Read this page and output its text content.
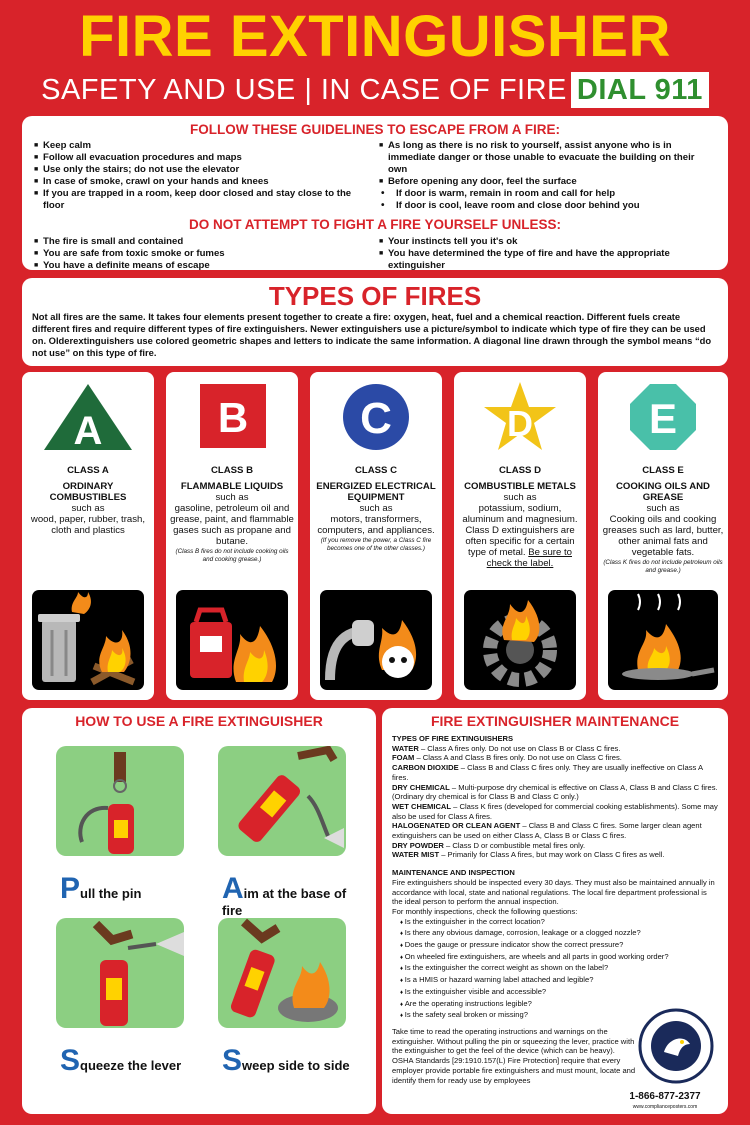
FIRE EXTINGUISHER
SAFETY AND USE | IN CASE OF FIRE DIAL 911
FOLLOW THESE GUIDELINES TO ESCAPE FROM A FIRE:
■ Keep calm
■ Follow all evacuation procedures and maps
■ Use only the stairs; do not use the elevator
■ In case of smoke, crawl on your hands and knees
■ If you are trapped in a room, keep door closed and stay close to the floor
■ As long as there is no risk to yourself, assist anyone who is in immediate danger or those unable to evacuate the building on their own
■ Before opening any door, feel the surface
• If door is warm, remain in room and call for help
• If door is cool, leave room and close door behind you
DO NOT ATTEMPT TO FIGHT A FIRE YOURSELF UNLESS:
■ The fire is small and contained
■ You are safe from toxic smoke or fumes
■ You have a definite means of escape
■ Your instincts tell you it's ok
■ You have determined the type of fire and have the appropriate extinguisher
TYPES OF FIRES

Not all fires are the same. It takes four elements present together to create a fire: oxygen, heat, fuel and a chemical reaction. Different fuels create different fires and require different types of fire extinguishers. Newer extinguishers use a picture/symbol to indicate which type of fire they can be used on. Olderextinguishers use colored geometric shapes and letters to indicate the same information. A diagonal line drawn through the symbol means “do not use” on this type of fire.

A
CLASS A
ORDINARY COMBUSTIBLES
such as
wood, paper, rubber, trash, cloth and plastics
B
CLASS B
FLAMMABLE LIQUIDS
such as
gasoline, petroleum oil and grease, paint, and flammable gases such as propane and butane.
(Class B fires do not include cooking oils and cooking grease.)
C
CLASS C
ENERGIZED ELECTRICAL EQUIPMENT
such as
motors, transformers, computers, and appliances.
(If you remove the power, a Class C fire becomes one of the other classes.)
D
CLASS D
COMBUSTIBLE METALS
such as
potassium, sodium, aluminum and magnesium. Class D extinguishers are often specific for a certain type of metal. Be sure to check the label.
E
CLASS E
COOKING OILS AND GREASE
such as
Cooking oils and cooking greases such as lard, butter, other animal fats and vegetable fats.
(Class K fires do not include petroleum oils and grease.)
HOW TO USE A FIRE EXTINGUISHER
Pull the pin	Aim at the base of fire
Squeeze the lever	Sweep side to side
FIRE EXTINGUISHER MAINTENANCE
TYPES OF FIRE EXTINGUISHERS
WATER – Class A fires only. Do not use on Class B or Class C fires.
FOAM – Class A and Class B fires only. Do not use on Class C fires.
CARBON DIOXIDE – Class B and Class C fires only. They are usually ineffective on Class A fires.
DRY CHEMICAL – Multi-purpose dry chemical is effective on Class A, Class B and Class C fires. (Ordinary dry chemical is for Class B and Class C only.)
WET CHEMICAL – Class K fires (developed for commercial cooking establishments). Some may also be used for Class A fires.
HALOGENATED OR CLEAN AGENT – Class B and Class C fires. Some larger clean agent extinguishers can be used on either Class A, Class B or Class C fires.
DRY POWDER – Class D or combustible metal fires only.
WATER MIST – Primarily for Class A fires, but may work on Class C fires as well.
MAINTENANCE AND INSPECTION
Fire extinguishers should be inspected every 30 days. They must also be maintained annually in accordance with local, state and national regulations. The local fire department professional is the ideal person to perform the annual inspection.
For monthly inspections, check the following questions:
♦ Is the extinguisher in the correct location?
♦ Is there any obvious damage, corrosion, leakage or a clogged nozzle?
♦ Does the gauge or pressure indicator show the correct pressure?
♦ On wheeled fire extinguishers, are wheels and all parts in good working order?
♦ Is the extinguisher the correct weight as shown on the label?
♦ Is a HMIS or hazard warning label attached and legible?
♦ Is the extinguisher visible and accessible?
♦ Are the operating instructions legible?
♦ Is the safety seal broken or missing?
Take time to read the operating instructions and warnings on the extinguisher. Without pulling the pin or squeezing the lever, practice with the extinguisher to get the feel of the device (which can be heavy). OSHA Standards [29:1910.157(L) Fire Protection] require that every employer provide portable fire extinguishers and must mount, locate and identify them for ready use by employees
1-866-877-2377
www.complianceposters.com
